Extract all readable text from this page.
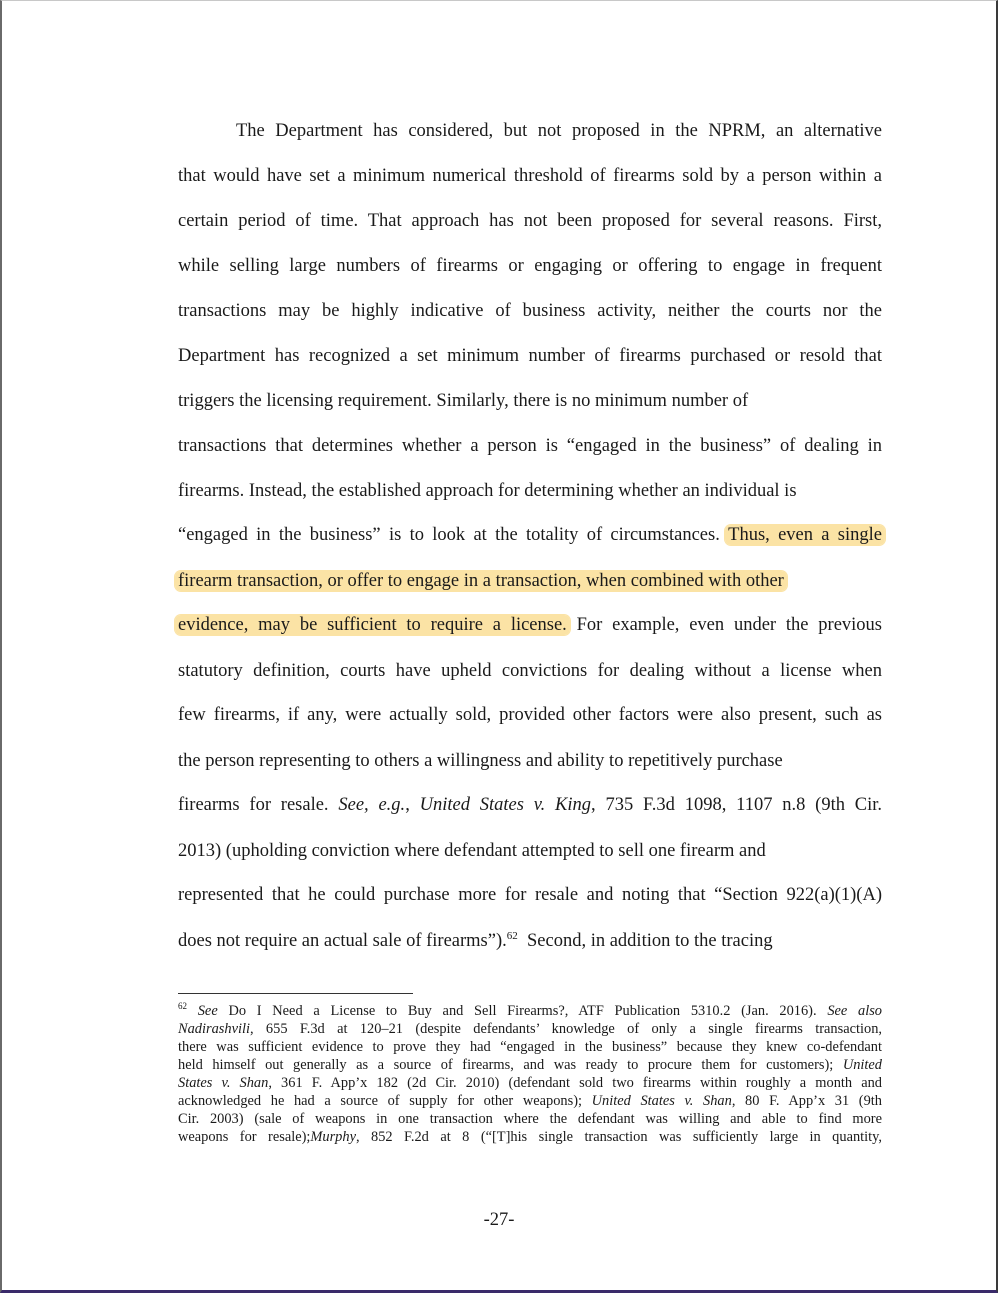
The Department has considered, but not proposed in the NPRM, an alternative
that would have set a minimum numerical threshold of firearms sold by a person within a
certain period of time. That approach has not been proposed for several reasons. First,
while selling large numbers of firearms or engaging or offering to engage in frequent
transactions may be highly indicative of business activity, neither the courts nor the
Department has recognized a set minimum number of firearms purchased or resold that
triggers the licensing requirement. Similarly, there is no minimum number of
transactions that determines whether a person is “engaged in the business” of dealing in
firearms. Instead, the established approach for determining whether an individual is
“engaged in the business” is to look at the totality of circumstances. Thus, even a single
firearm transaction, or offer to engage in a transaction, when combined with other
evidence, may be sufficient to require a license. For example, even under the previous
statutory definition, courts have upheld convictions for dealing without a license when
few firearms, if any, were actually sold, provided other factors were also present, such as
the person representing to others a willingness and ability to repetitively purchase
firearms for resale. See, e.g., United States v. King, 735 F.3d 1098, 1107 n.8 (9th Cir.
2013) (upholding conviction where defendant attempted to sell one firearm and
represented that he could purchase more for resale and noting that “Section 922(a)(1)(A)
does not require an actual sale of firearms”).$^{62}$ Second, in addition to the tracing
$^{62}$ See Do I Need a License to Buy and Sell Firearms?, ATF Publication 5310.2 (Jan. 2016). See also
Nadirashvili, 655 F.3d at 120–21 (despite defendants’ knowledge of only a single firearms transaction,
there was sufficient evidence to prove they had “engaged in the business” because they knew co-defendant
held himself out generally as a source of firearms, and was ready to procure them for customers); United
States v. Shan, 361 F. App’x 182 (2d Cir. 2010) (defendant sold two firearms within roughly a month and
acknowledged he had a source of supply for other weapons); United States v. Shan, 80 F. App’x 31 (9th
Cir. 2003) (sale of weapons in one transaction where the defendant was willing and able to find more
weapons for resale);Murphy, 852 F.2d at 8 (“[T]his single transaction was sufficiently large in quantity,
-27-
